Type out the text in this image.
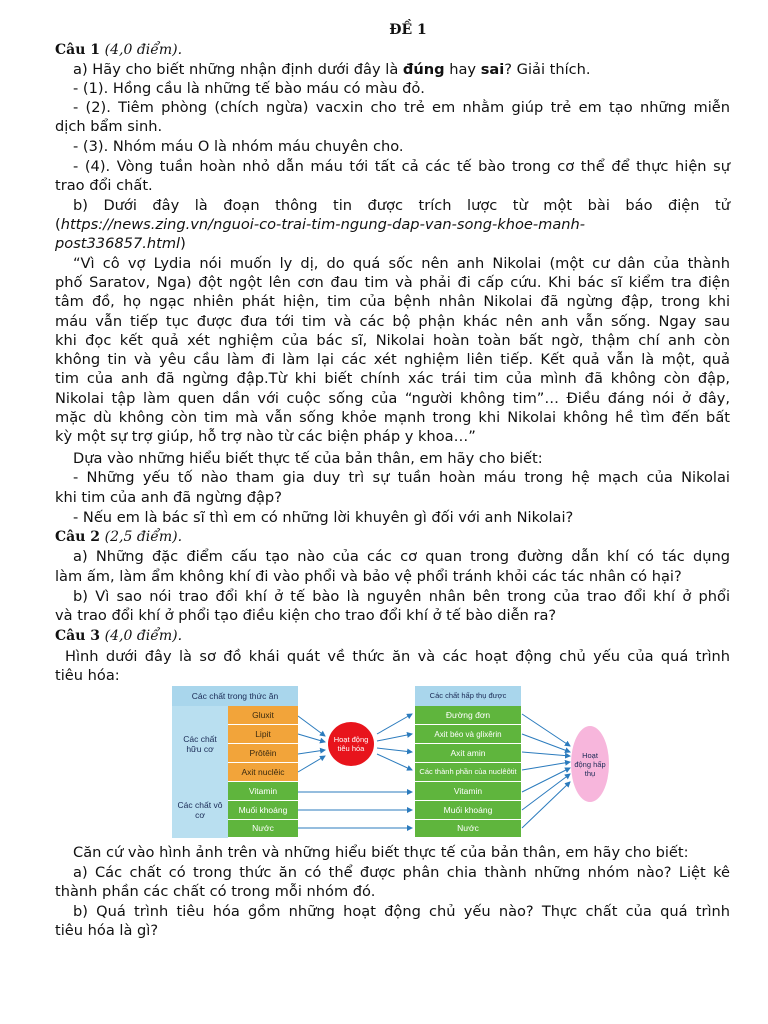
ĐỀ 1
Câu 1 (4,0 điểm).
a) Hãy cho biết những nhận định dưới đây là đúng hay sai? Giải thích.
- (1). Hồng cầu là những tế bào máu có màu đỏ.
- (2). Tiêm phòng (chích ngừa) vacxin cho trẻ em nhằm giúp trẻ em tạo những miễn
dịch bẩm sinh.
- (3). Nhóm máu O là nhóm máu chuyên cho.
- (4). Vòng tuần hoàn nhỏ dẫn máu tới tất cả các tế bào trong cơ thể để thực hiện sự
trao đổi chất.
b) Dưới đây là đoạn thông tin được trích lược từ một bài báo điện tử
(https://news.zing.vn/nguoi-co-trai-tim-ngung-dap-van-song-khoe-manh-
post336857.html)
“Vì cô vợ Lydia nói muốn ly dị, do quá sốc nên anh Nikolai (một cư dân của thành
phố Saratov, Nga) đột ngột lên cơn đau tim và phải đi cấp cứu. Khi bác sĩ kiểm tra điện
tâm đồ, họ ngạc nhiên phát hiện, tim của bệnh nhân Nikolai đã ngừng đập, trong khi
máu vẫn tiếp tục được đưa tới tim và các bộ phận khác nên anh vẫn sống. Ngay sau
khi đọc kết quả xét nghiệm của bác sĩ, Nikolai hoàn toàn bất ngờ, thậm chí anh còn
không tin và yêu cầu làm đi làm lại các xét nghiệm liên tiếp. Kết quả vẫn là một, quả
tim của anh đã ngừng đập.Từ khi biết chính xác trái tim của mình đã không còn đập,
Nikolai tập làm quen dần với cuộc sống của “người không tim”… Điều đáng nói ở đây,
mặc dù không còn tim mà vẫn sống khỏe mạnh trong khi Nikolai không hề tìm đến bất
kỳ một sự trợ giúp, hỗ trợ nào từ các biện pháp y khoa…”
Dựa vào những hiểu biết thực tế của bản thân, em hãy cho biết:
- Những yếu tố nào tham gia duy trì sự tuần hoàn máu trong hệ mạch của Nikolai
khi tim của anh đã ngừng đập?
- Nếu em là bác sĩ thì em có những lời khuyên gì đối với anh Nikolai?
Câu 2 (2,5 điểm).
a) Những đặc điểm cấu tạo nào của các cơ quan trong đường dẫn khí có tác dụng
làm ấm, làm ẩm không khí đi vào phổi và bảo vệ phổi tránh khỏi các tác nhân có hại?
b) Vì sao nói trao đổi khí ở tế bào là nguyên nhân bên trong của trao đổi khí ở phổi
và trao đổi khí ở phổi tạo điều kiện cho trao đổi khí ở tế bào diễn ra?
Câu 3 (4,0 điểm).
Hình dưới đây là sơ đồ khái quát về thức ăn và các hoạt động chủ yếu của quá trình
tiêu hóa:
Các chất trong thức ăn
Các chất hữu cơ
Các chất vô cơ
Gluxit
Lipit
Prôtêin
Axit nuclêic
Vitamin
Muối khoáng
Nước
Hoạt động tiêu hóa
Các chất hấp thụ được
Đường đơn
Axit béo và glixêrin
Axit amin
Các thành phần của nuclêôtit
Vitamin
Muối khoáng
Nước
Hoạt động hấp thụ
Căn cứ vào hình ảnh trên và những hiểu biết thực tế của bản thân, em hãy cho biết:
a) Các chất có trong thức ăn có thể được phân chia thành những nhóm nào? Liệt kê
thành phần các chất có trong mỗi nhóm đó.
b) Quá trình tiêu hóa gồm những hoạt động chủ yếu nào? Thực chất của quá trình
tiêu hóa là gì?
